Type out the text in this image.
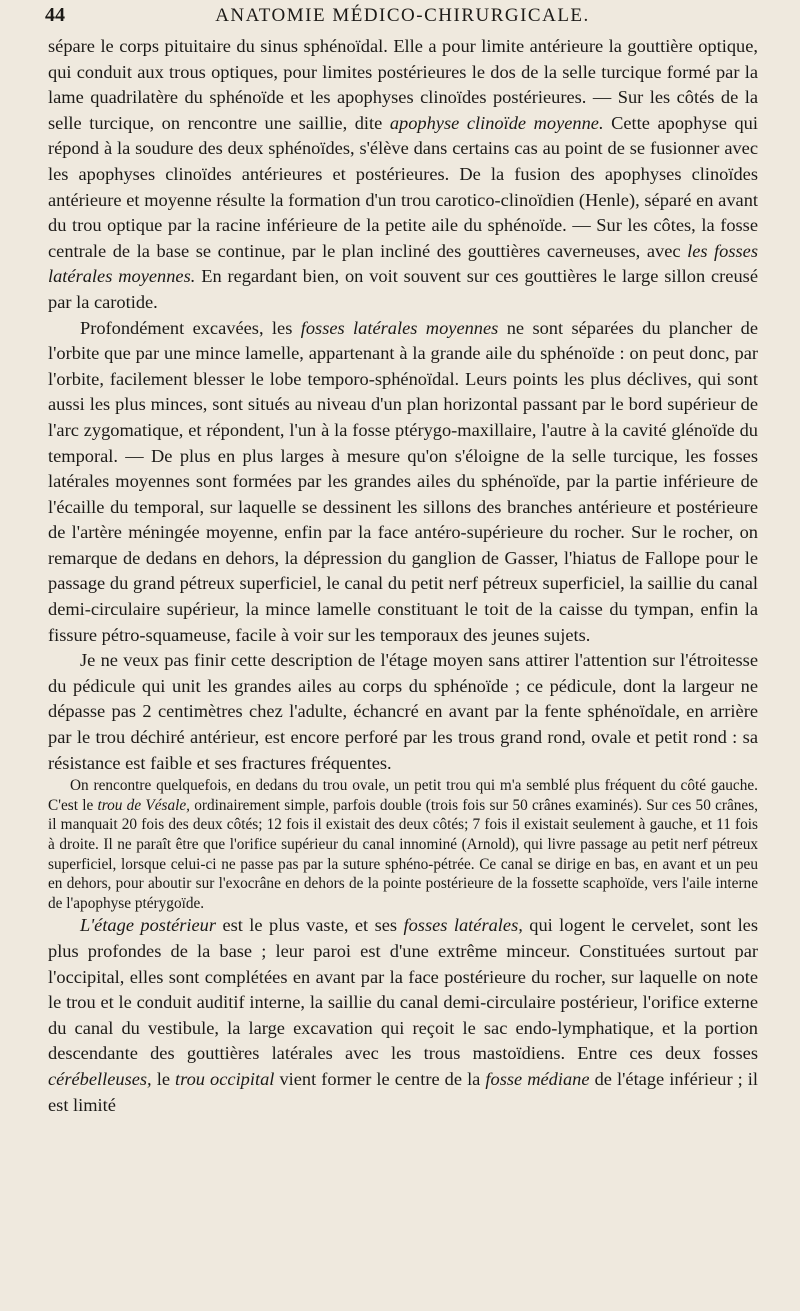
44	ANATOMIE MÉDICO-CHIRURGICALE.

sépare le corps pituitaire du sinus sphénoïdal. Elle a pour limite antérieure la gouttière optique, qui conduit aux trous optiques, pour limites postérieures le dos de la selle turcique formé par la lame quadrilatère du sphénoïde et les apophyses clinoïdes postérieures. — Sur les côtés de la selle turcique, on rencontre une saillie, dite apophyse clinoïde moyenne. Cette apophyse qui répond à la soudure des deux sphénoïdes, s'élève dans certains cas au point de se fusionner avec les apophyses clinoïdes antérieures et postérieures. De la fusion des apophyses clinoïdes antérieure et moyenne résulte la formation d'un trou carotico-clinoïdien (Henle), séparé en avant du trou optique par la racine inférieure de la petite aile du sphénoïde. — Sur les côtes, la fosse centrale de la base se continue, par le plan incliné des gouttières caverneuses, avec les fosses latérales moyennes. En regardant bien, on voit souvent sur ces gouttières le large sillon creusé par la carotide.

Profondément excavées, les fosses latérales moyennes ne sont séparées du plancher de l'orbite que par une mince lamelle, appartenant à la grande aile du sphénoïde : on peut donc, par l'orbite, facilement blesser le lobe temporo-sphénoïdal. Leurs points les plus déclives, qui sont aussi les plus minces, sont situés au niveau d'un plan horizontal passant par le bord supérieur de l'arc zygomatique, et répondent, l'un à la fosse ptérygo-maxillaire, l'autre à la cavité glénoïde du temporal. — De plus en plus larges à mesure qu'on s'éloigne de la selle turcique, les fosses latérales moyennes sont formées par les grandes ailes du sphénoïde, par la partie inférieure de l'écaille du temporal, sur laquelle se dessinent les sillons des branches antérieure et postérieure de l'artère méningée moyenne, enfin par la face antéro-supérieure du rocher. Sur le rocher, on remarque de dedans en dehors, la dépression du ganglion de Gasser, l'hiatus de Fallope pour le passage du grand pétreux superficiel, le canal du petit nerf pétreux superficiel, la saillie du canal demi-circulaire supérieur, la mince lamelle constituant le toit de la caisse du tympan, enfin la fissure pétro-squameuse, facile à voir sur les temporaux des jeunes sujets.

Je ne veux pas finir cette description de l'étage moyen sans attirer l'attention sur l'étroitesse du pédicule qui unit les grandes ailes au corps du sphénoïde ; ce pédicule, dont la largeur ne dépasse pas 2 centimètres chez l'adulte, échancré en avant par la fente sphénoïdale, en arrière par le trou déchiré antérieur, est encore perforé par les trous grand rond, ovale et petit rond : sa résistance est faible et ses fractures fréquentes.

On rencontre quelquefois, en dedans du trou ovale, un petit trou qui m'a semblé plus fréquent du côté gauche. C'est le trou de Vésale, ordinairement simple, parfois double (trois fois sur 50 crânes examinés). Sur ces 50 crânes, il manquait 20 fois des deux côtés; 12 fois il existait des deux côtés; 7 fois il existait seulement à gauche, et 11 fois à droite. Il ne paraît être que l'orifice supérieur du canal innominé (Arnold), qui livre passage au petit nerf pétreux superficiel, lorsque celui-ci ne passe pas par la suture sphéno-pétrée. Ce canal se dirige en bas, en avant et un peu en dehors, pour aboutir sur l'exocrâne en dehors de la pointe postérieure de la fossette scaphoïde, vers l'aile interne de l'apophyse ptérygoïde.

L'étage postérieur est le plus vaste, et ses fosses latérales, qui logent le cervelet, sont les plus profondes de la base ; leur paroi est d'une extrême minceur. Constituées surtout par l'occipital, elles sont complétées en avant par la face postérieure du rocher, sur laquelle on note le trou et le conduit auditif interne, la saillie du canal demi-circulaire postérieur, l'orifice externe du canal du vestibule, la large excavation qui reçoit le sac endo-lymphatique, et la portion descendante des gouttières latérales avec les trous mastoïdiens. Entre ces deux fosses cérébelleuses, le trou occipital vient former le centre de la fosse médiane de l'étage inférieur ; il est limité
